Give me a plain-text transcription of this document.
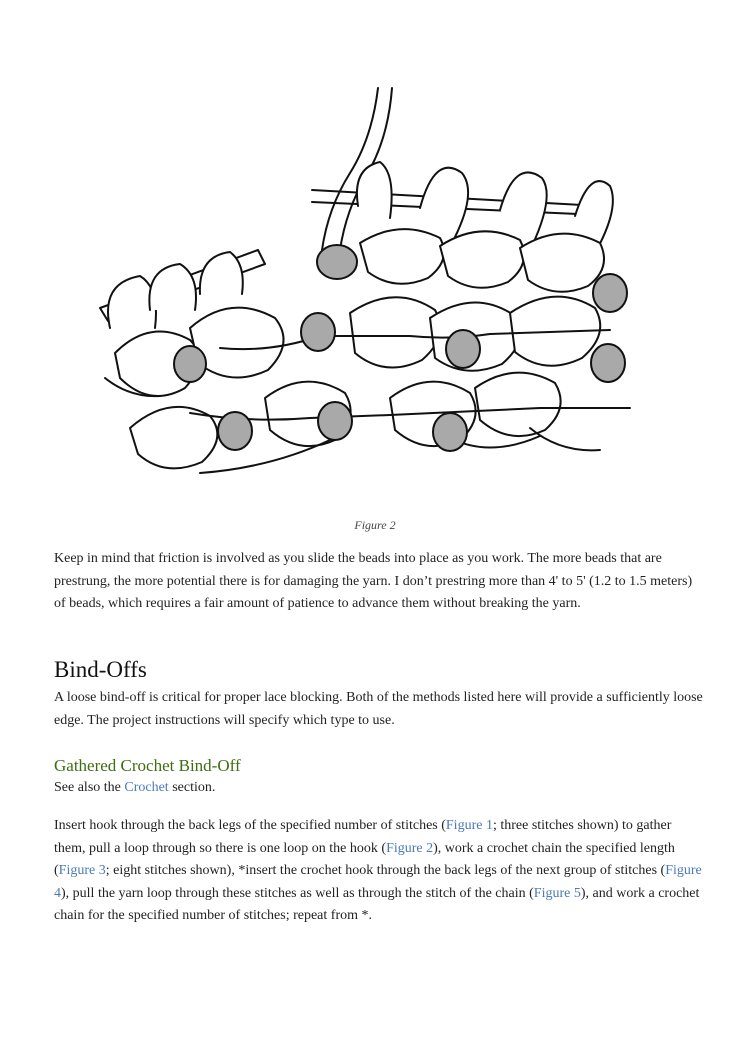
Figure 2

Keep in mind that friction is involved as you slide the beads into place as you work. The more beads that are prestrung, the more potential there is for damaging the yarn. I don’t prestring more than 4' to 5' (1.2 to 1.5 meters) of beads, which requires a fair amount of patience to advance them without breaking the yarn.

Bind-Offs

A loose bind-off is critical for proper lace blocking. Both of the methods listed here will provide a sufficiently loose edge. The project instructions will specify which type to use.

Gathered Crochet Bind-Off

See also the Crochet section.

Insert hook through the back legs of the specified number of stitches (Figure 1; three stitches shown) to gather them, pull a loop through so there is one loop on the hook (Figure 2), work a crochet chain the specified length (Figure 3; eight stitches shown), *insert the crochet hook through the back legs of the next group of stitches (Figure 4), pull the yarn loop through these stitches as well as through the stitch of the chain (Figure 5), and work a crochet chain for the specified number of stitches; repeat from *.
